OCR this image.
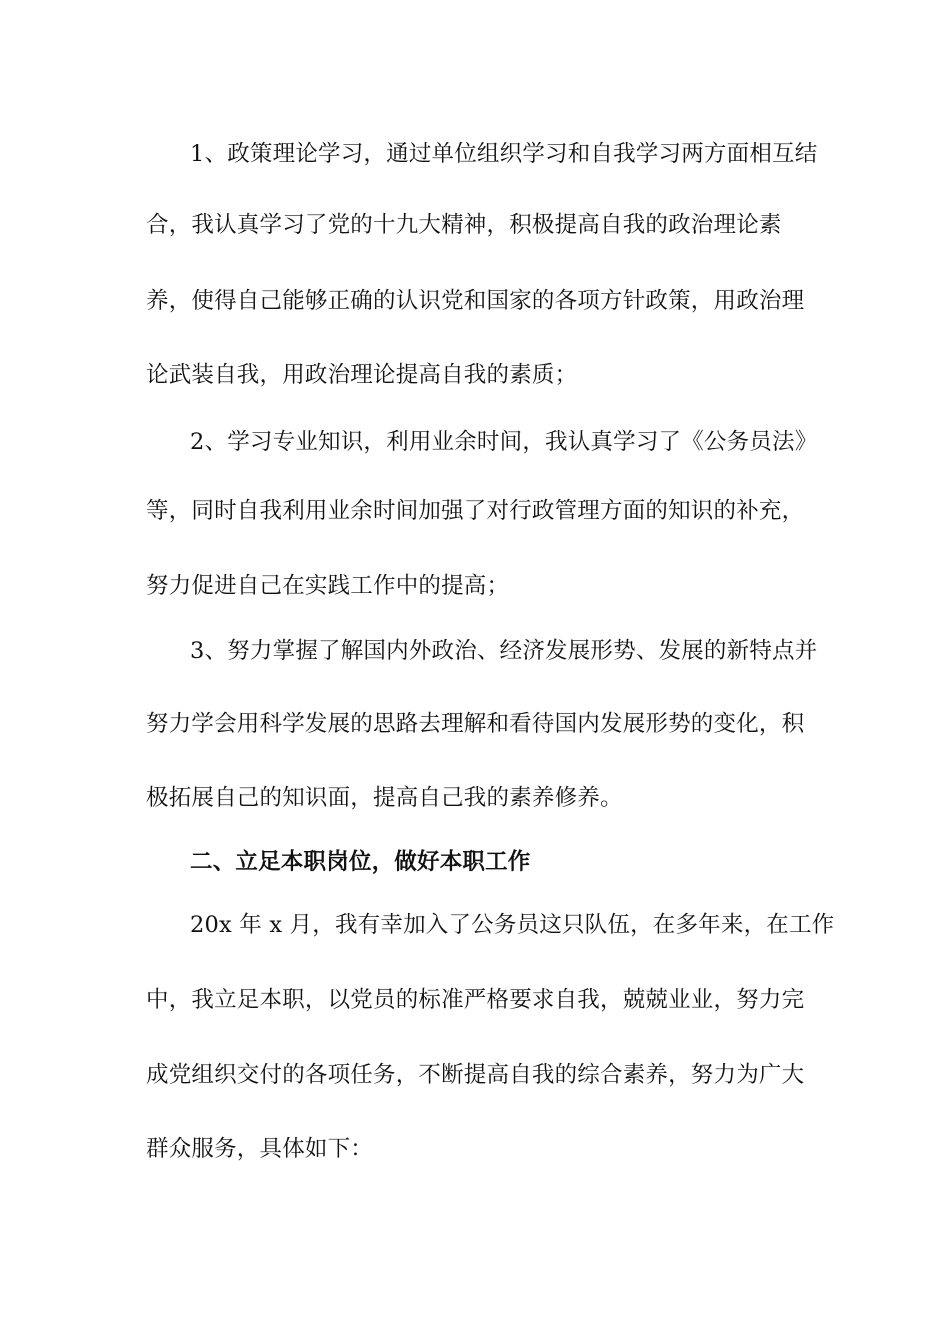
1、政策理论学习，通过单位组织学习和自我学习两方面相互结
合，我认真学习了党的十九大精神，积极提高自我的政治理论素
养，使得自己能够正确的认识党和国家的各项方针政策，用政治理
论武装自我，用政治理论提高自我的素质；
2、学习专业知识，利用业余时间，我认真学习了《公务员法》
等，同时自我利用业余时间加强了对行政管理方面的知识的补充，
努力促进自己在实践工作中的提高；
3、努力掌握了解国内外政治、经济发展形势、发展的新特点并
努力学会用科学发展的思路去理解和看待国内发展形势的变化，积
极拓展自己的知识面，提高自己我的素养修养。
二、立足本职岗位，做好本职工作
20x 年 x 月，我有幸加入了公务员这只队伍，在多年来，在工作
中，我立足本职，以党员的标准严格要求自我，兢兢业业，努力完
成党组织交付的各项任务，不断提高自我的综合素养，努力为广大
群众服务，具体如下：
